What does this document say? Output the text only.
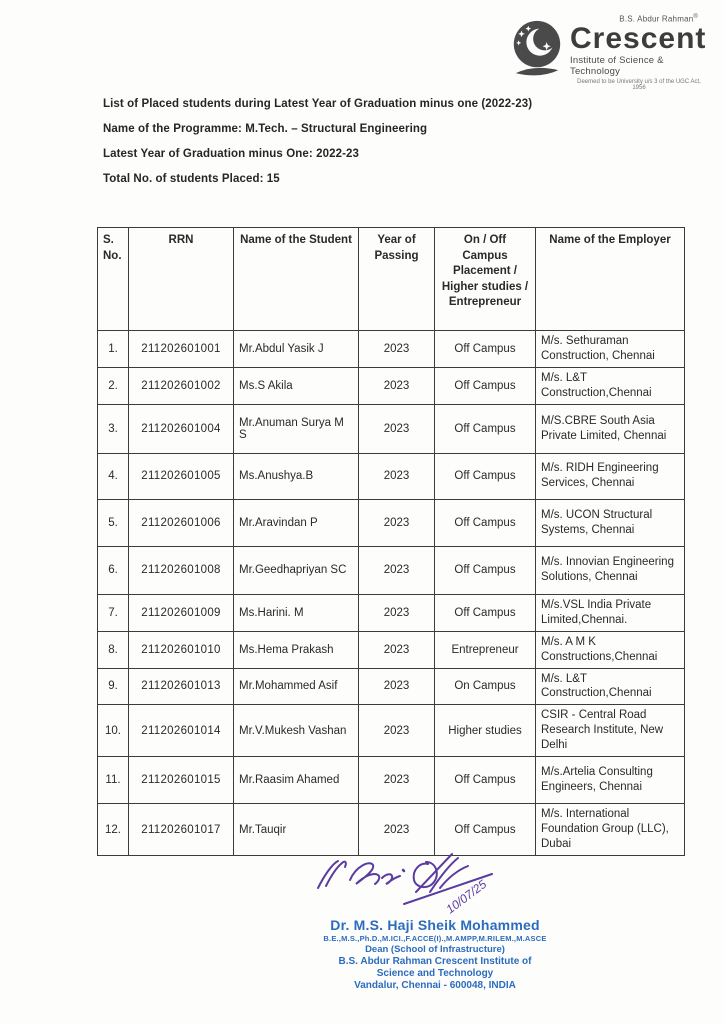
B.S. Abdur Rahman®
Crescent
Institute of Science & Technology
Deemed to be University u/s 3 of the UGC Act, 1956
List of Placed students during Latest Year of Graduation minus one (2022-23)
Name of the Programme: M.Tech. – Structural Engineering
Latest Year of Graduation minus One: 2022-23
Total No. of students Placed: 15
S. No.	RRN	Name of the Student	Year of Passing	On / Off Campus Placement / Higher studies / Entrepreneur	Name of the Employer
1.	211202601001	Mr.Abdul Yasik J	2023	Off Campus	M/s. Sethuraman Construction, Chennai
2.	211202601002	Ms.S Akila	2023	Off Campus	M/s. L&T Construction,Chennai
3.	211202601004	Mr.Anuman Surya M S	2023	Off Campus	M/S.CBRE South Asia Private Limited, Chennai
4.	211202601005	Ms.Anushya.B	2023	Off Campus	M/s. RIDH Engineering Services, Chennai
5.	211202601006	Mr.Aravindan P	2023	Off Campus	M/s. UCON Structural Systems, Chennai
6.	211202601008	Mr.Geedhapriyan SC	2023	Off Campus	M/s. Innovian Engineering Solutions, Chennai
7.	211202601009	Ms.Harini. M	2023	Off Campus	M/s.VSL India Private Limited,Chennai.
8.	211202601010	Ms.Hema Prakash	2023	Entrepreneur	M/s. A M K Constructions,Chennai
9.	211202601013	Mr.Mohammed Asif	2023	On Campus	M/s. L&T Construction,Chennai
10.	211202601014	Mr.V.Mukesh Vashan	2023	Higher studies	CSIR - Central Road Research Institute, New Delhi
11.	211202601015	Mr.Raasim Ahamed	2023	Off Campus	M/s.Artelia Consulting Engineers, Chennai
12.	211202601017	Mr.Tauqir	2023	Off Campus	M/s. International Foundation Group (LLC), Dubai
10/07/25
Dr. M.S. Haji Sheik Mohammed
B.E.,M.S.,Ph.D.,M.ICI.,F.ACCE(I).,M.AMPP,M.RILEM.,M.ASCE
Dean (School of Infrastructure)
B.S. Abdur Rahman Crescent Institute of
Science and Technology
Vandalur, Chennai - 600048, INDIA
